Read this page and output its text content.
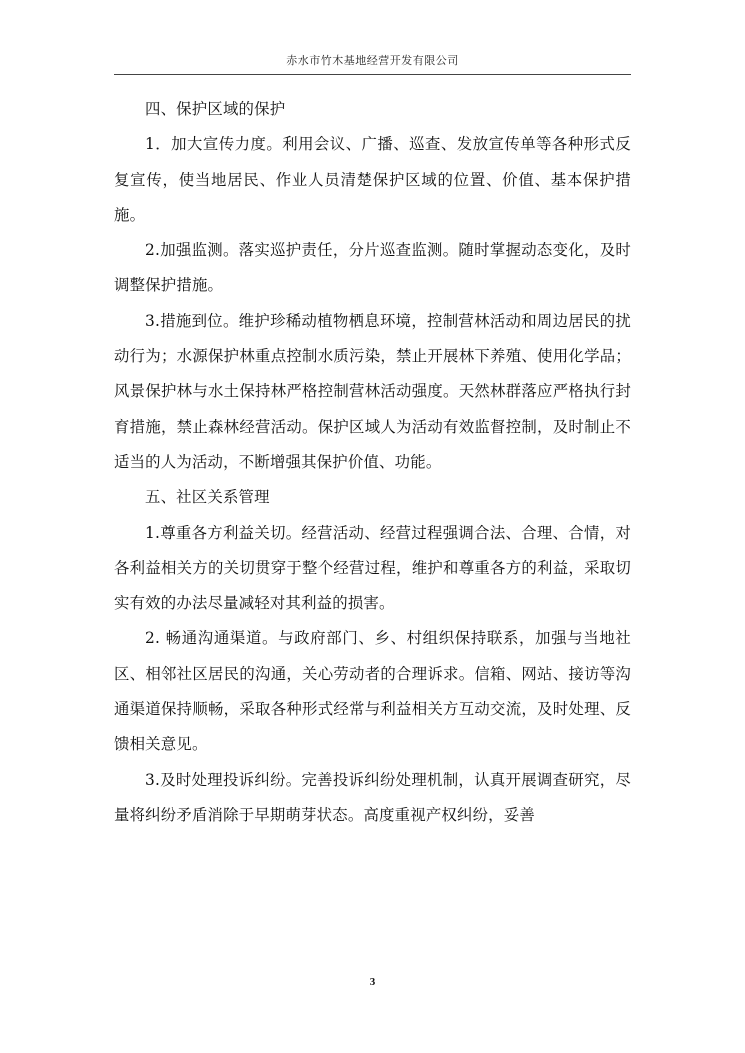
赤水市竹木基地经营开发有限公司

四、保护区域的保护

1．加大宣传力度。利用会议、广播、巡查、发放宣传单等各种形式反复宣传，使当地居民、作业人员清楚保护区域的位置、价值、基本保护措施。

2.加强监测。落实巡护责任，分片巡查监测。随时掌握动态变化，及时调整保护措施。

3.措施到位。维护珍稀动植物栖息环境，控制营林活动和周边居民的扰动行为；水源保护林重点控制水质污染，禁止开展林下养殖、使用化学品；风景保护林与水土保持林严格控制营林活动强度。天然林群落应严格执行封育措施，禁止森林经营活动。保护区域人为活动有效监督控制，及时制止不适当的人为活动，不断增强其保护价值、功能。

五、社区关系管理

1.尊重各方利益关切。经营活动、经营过程强调合法、合理、合情，对各利益相关方的关切贯穿于整个经营过程，维护和尊重各方的利益，采取切实有效的办法尽量减轻对其利益的损害。

2. 畅通沟通渠道。与政府部门、乡、村组织保持联系，加强与当地社区、相邻社区居民的沟通，关心劳动者的合理诉求。信箱、网站、接访等沟通渠道保持顺畅，采取各种形式经常与利益相关方互动交流，及时处理、反馈相关意见。

3.及时处理投诉纠纷。完善投诉纠纷处理机制，认真开展调查研究，尽量将纠纷矛盾消除于早期萌芽状态。高度重视产权纠纷，妥善

3
